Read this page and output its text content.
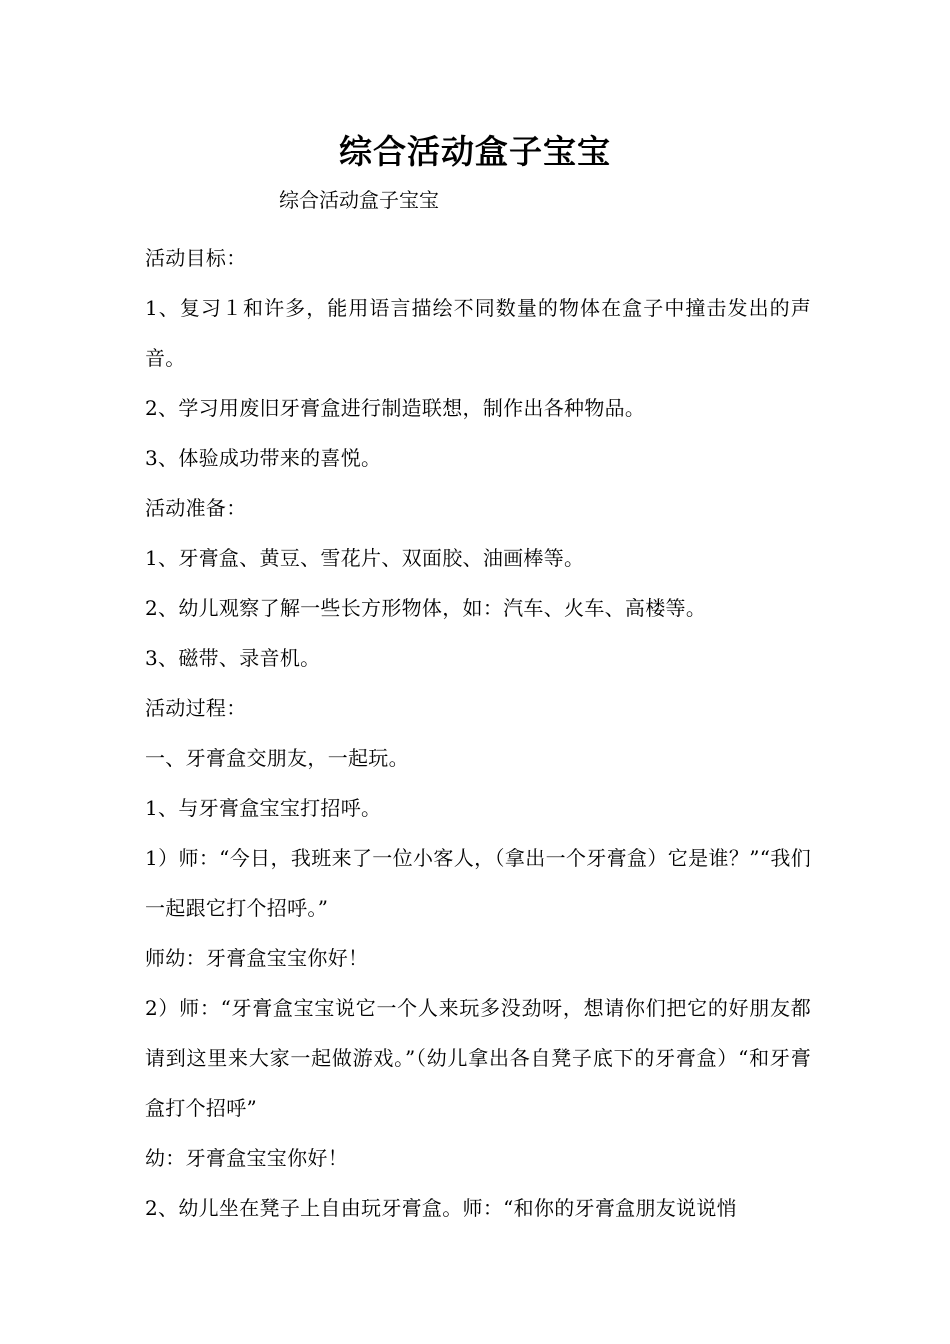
综合活动盒子宝宝

综合活动盒子宝宝

活动目标：

1、复习１和许多，能用语言描绘不同数量的物体在盒子中撞击发出的声音。

2、学习用废旧牙膏盒进行制造联想，制作出各种物品。

3、体验成功带来的喜悦。

活动准备：

1、牙膏盒、黄豆、雪花片、双面胶、油画棒等。

2、幼儿观察了解一些长方形物体，如：汽车、火车、高楼等。

3、磁带、录音机。

活动过程：

一、牙膏盒交朋友，一起玩。

1、与牙膏盒宝宝打招呼。

1）师：“今日，我班来了一位小客人，（拿出一个牙膏盒）它是谁？”“我们一起跟它打个招呼。”

师幼：牙膏盒宝宝你好！

2）师：“牙膏盒宝宝说它一个人来玩多没劲呀，想请你们把它的好朋友都请到这里来大家一起做游戏。”（幼儿拿出各自凳子底下的牙膏盒）“和牙膏盒打个招呼”

幼：牙膏盒宝宝你好！

2、幼儿坐在凳子上自由玩牙膏盒。师：“和你的牙膏盒朋友说说悄
